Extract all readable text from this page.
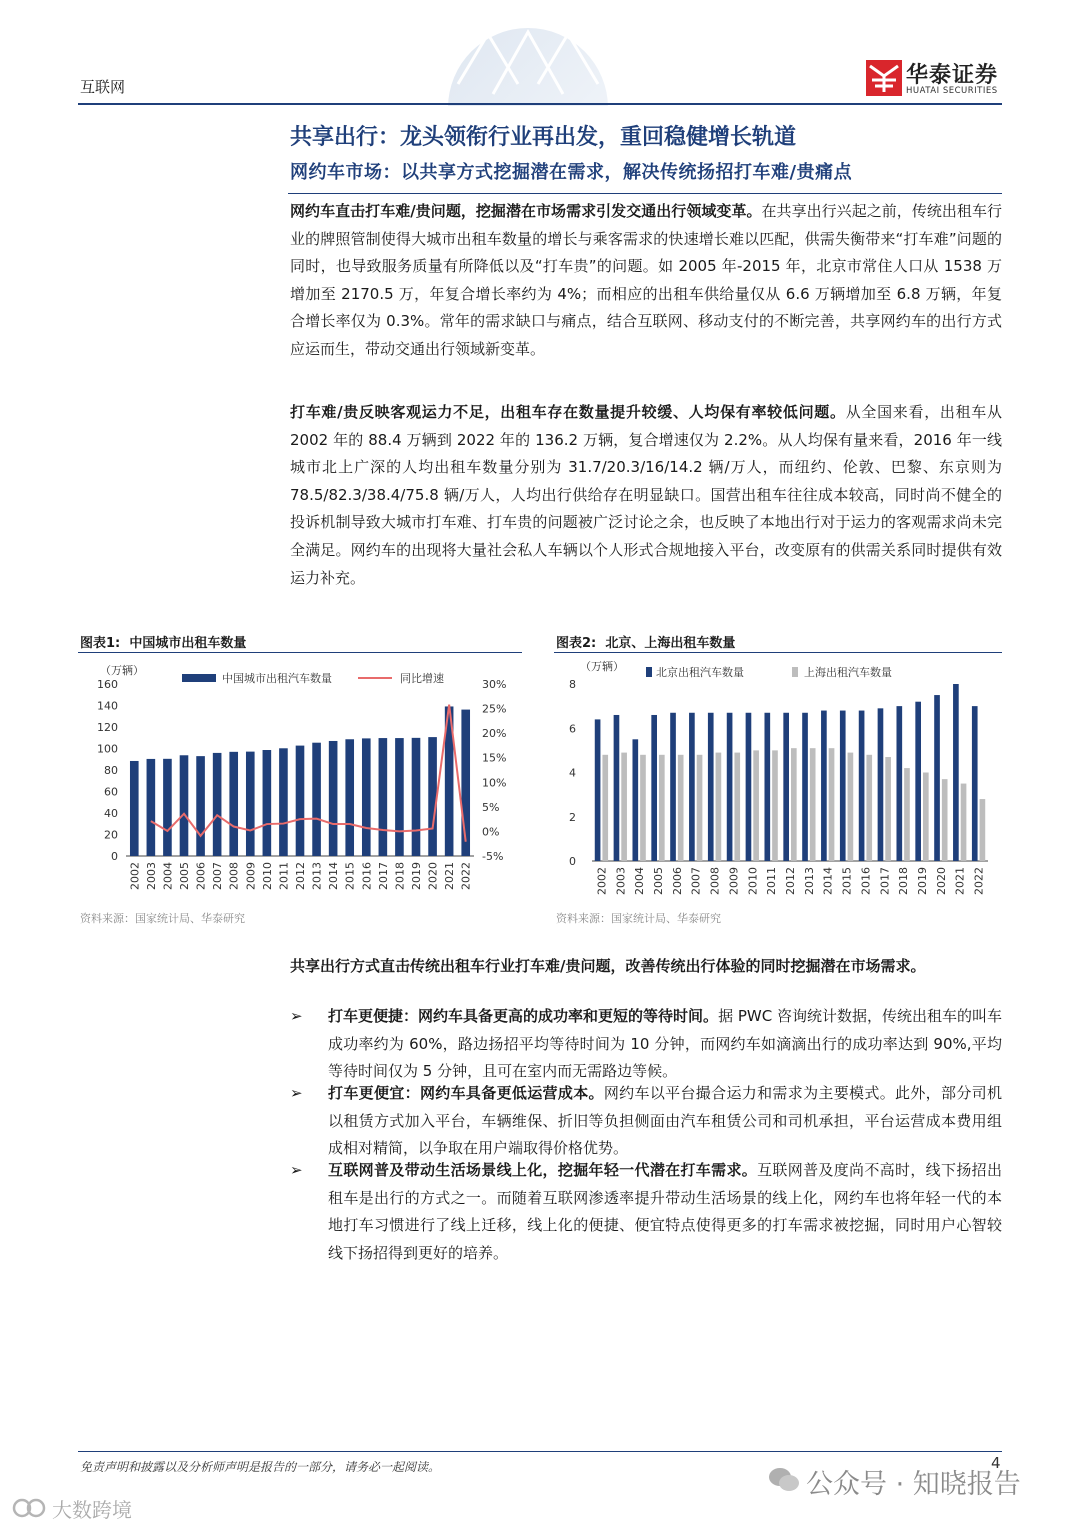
互联网	华泰证券
HUATAI SECURITIES
共享出行：龙头领衔行业再出发，重回稳健增长轨道
网约车市场：以共享方式挖掘潜在需求，解决传统扬招打车难/贵痛点
网约车直击打车难/贵问题，挖掘潜在市场需求引发交通出行领域变革。在共享出行兴起之前，传统出租车行业的牌照管制使得大城市出租车数量的增长与乘客需求的快速增长难以匹配，供需失衡带来“打车难”问题的同时，也导致服务质量有所降低以及“打车贵”的问题。如 2005 年-2015 年，北京市常住人口从 1538 万增加至 2170.5 万，年复合增长率约为 4%；而相应的出租车供给量仅从 6.6 万辆增加至 6.8 万辆，年复合增长率仅为 0.3%。常年的需求缺口与痛点，结合互联网、移动支付的不断完善，共享网约车的出行方式应运而生，带动交通出行领域新变革。
打车难/贵反映客观运力不足，出租车存在数量提升较缓、人均保有率较低问题。从全国来看，出租车从 2002 年的 88.4 万辆到 2022 年的 136.2 万辆，复合增速仅为 2.2%。从人均保有量来看，2016 年一线城市北上广深的人均出租车数量分别为 31.7/20.3/16/14.2 辆/万人，而纽约、伦敦、巴黎、东京则为 78.5/82.3/38.4/75.8 辆/万人，人均出行供给存在明显缺口。国营出租车往往成本较高，同时尚不健全的投诉机制导致大城市打车难、打车贵的问题被广泛讨论之余，也反映了本地出行对于运力的客观需求尚未完全满足。网约车的出现将大量社会私人车辆以个人形式合规地接入平台，改变原有的供需关系同时提供有效运力补充。
图表1: 中国城市出租车数量
（万辆）
0
20
40
60
80
100
120
140
160
-5%
0%
5%
10%
15%
20%
25%
30%
2002 2003 2004 2005 2006 2007 2008 2009 2010 2011 2012 2013 2014 2015 2016 2017 2018 2019 2020 2021 2022
中国城市出租汽车数量	同比增速
资料来源：国家统计局、华泰研究
图表2: 北京、上海出租车数量
（万辆）
0
2
4
6
8
2002 2003 2004 2005 2006 2007 2008 2009 2010 2011 2012 2013 2014 2015 2016 2017 2018 2019 2020 2021 2022
北京出租汽车数量	上海出租汽车数量
资料来源：国家统计局、华泰研究
共享出行方式直击传统出租车行业打车难/贵问题，改善传统出行体验的同时挖掘潜在市场需求。
➢	打车更便捷：网约车具备更高的成功率和更短的等待时间。据 PWC 咨询统计数据，传统出租车的叫车成功率约为 60%，路边扬招平均等待时间为 10 分钟，而网约车如滴滴出行的成功率达到 90%,平均等待时间仅为 5 分钟，且可在室内而无需路边等候。
➢	打车更便宜：网约车具备更低运营成本。网约车以平台撮合运力和需求为主要模式。此外，部分司机以租赁方式加入平台，车辆维保、折旧等负担侧面由汽车租赁公司和司机承担，平台运营成本费用组成相对精简，以争取在用户端取得价格优势。
➢	互联网普及带动生活场景线上化，挖掘年轻一代潜在打车需求。互联网普及度尚不高时，线下扬招出租车是出行的方式之一。而随着互联网渗透率提升带动生活场景的线上化，网约车也将年轻一代的本地打车习惯进行了线上迁移，线上化的便捷、便宜特点使得更多的打车需求被挖掘，同时用户心智较线下扬招得到更好的培养。
免责声明和披露以及分析师声明是报告的一部分，请务必一起阅读。	4
公众号 · 知晓报告
大数跨境
